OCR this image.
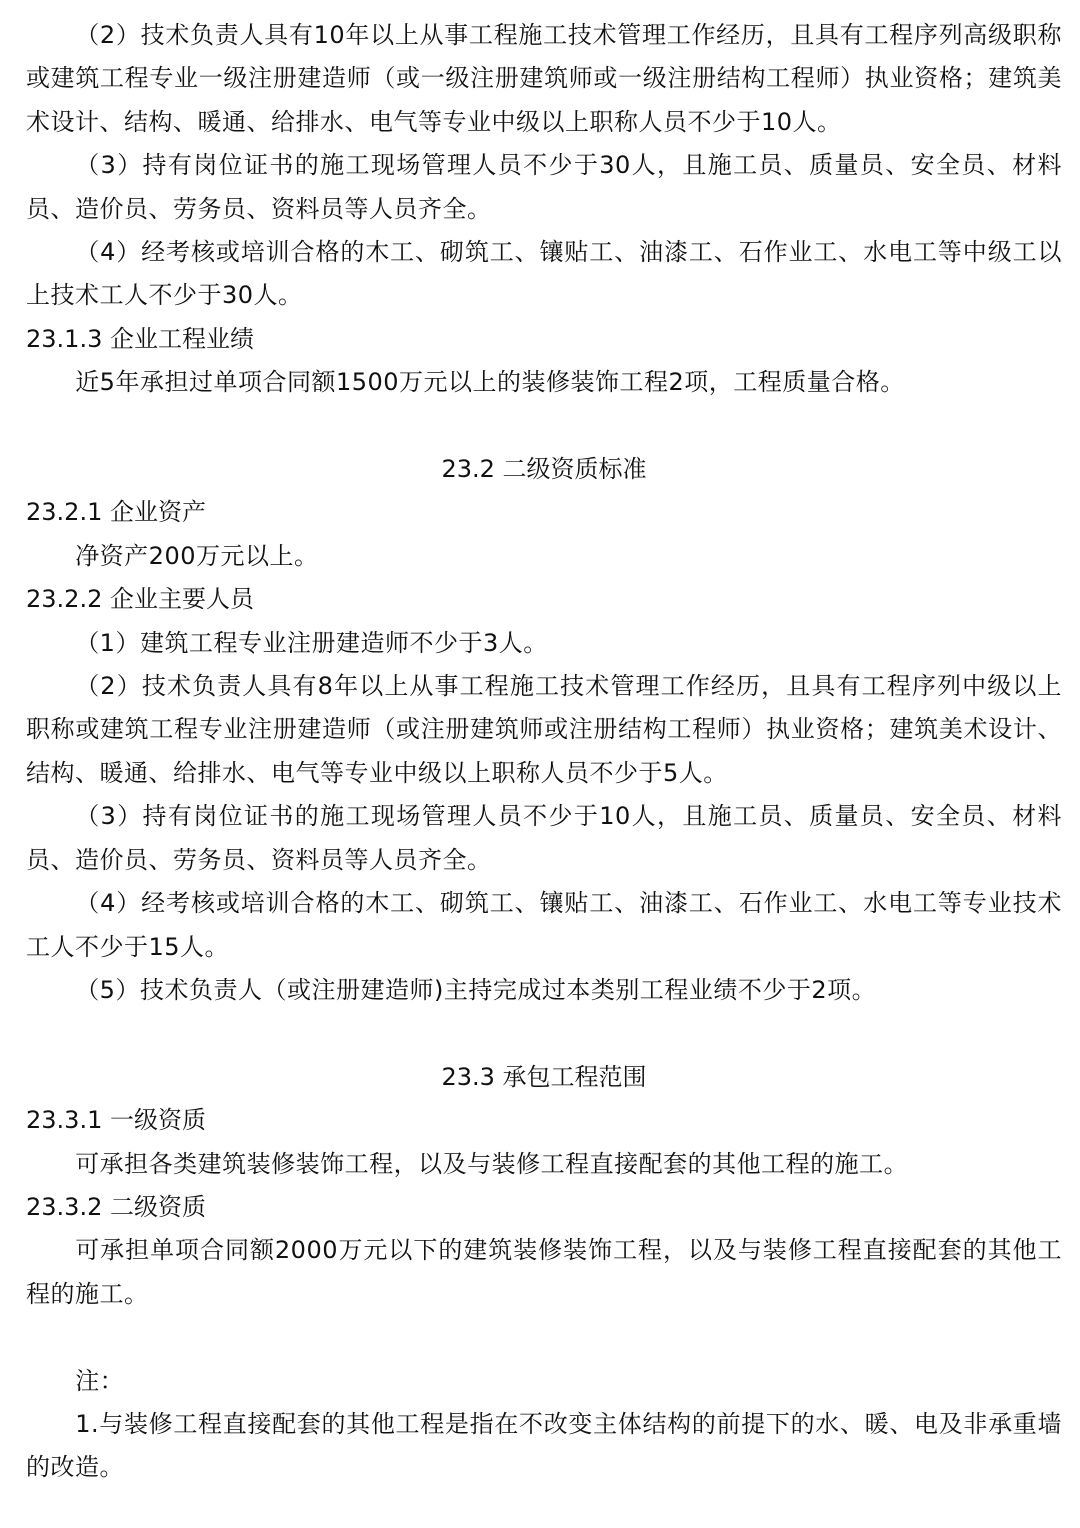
（2）技术负责人具有10年以上从事工程施工技术管理工作经历，且具有工程序列高级职称或建筑工程专业一级注册建造师（或一级注册建筑师或一级注册结构工程师）执业资格；建筑美术设计、结构、暖通、给排水、电气等专业中级以上职称人员不少于10人。

（3）持有岗位证书的施工现场管理人员不少于30人，且施工员、质量员、安全员、材料员、造价员、劳务员、资料员等人员齐全。

（4）经考核或培训合格的木工、砌筑工、镶贴工、油漆工、石作业工、水电工等中级工以上技术工人不少于30人。

23.1.3 企业工程业绩

近5年承担过单项合同额1500万元以上的装修装饰工程2项，工程质量合格。

23.2 二级资质标准

23.2.1 企业资产

净资产200万元以上。

23.2.2 企业主要人员

（1）建筑工程专业注册建造师不少于3人。

（2）技术负责人具有8年以上从事工程施工技术管理工作经历，且具有工程序列中级以上职称或建筑工程专业注册建造师（或注册建筑师或注册结构工程师）执业资格；建筑美术设计、结构、暖通、给排水、电气等专业中级以上职称人员不少于5人。

（3）持有岗位证书的施工现场管理人员不少于10人，且施工员、质量员、安全员、材料员、造价员、劳务员、资料员等人员齐全。

（4）经考核或培训合格的木工、砌筑工、镶贴工、油漆工、石作业工、水电工等专业技术工人不少于15人。

（5）技术负责人（或注册建造师)主持完成过本类别工程业绩不少于2项。

23.3 承包工程范围

23.3.1 一级资质

可承担各类建筑装修装饰工程，以及与装修工程直接配套的其他工程的施工。

23.3.2 二级资质

可承担单项合同额2000万元以下的建筑装修装饰工程，以及与装修工程直接配套的其他工程的施工。

注：

1.与装修工程直接配套的其他工程是指在不改变主体结构的前提下的水、暖、电及非承重墙的改造。
